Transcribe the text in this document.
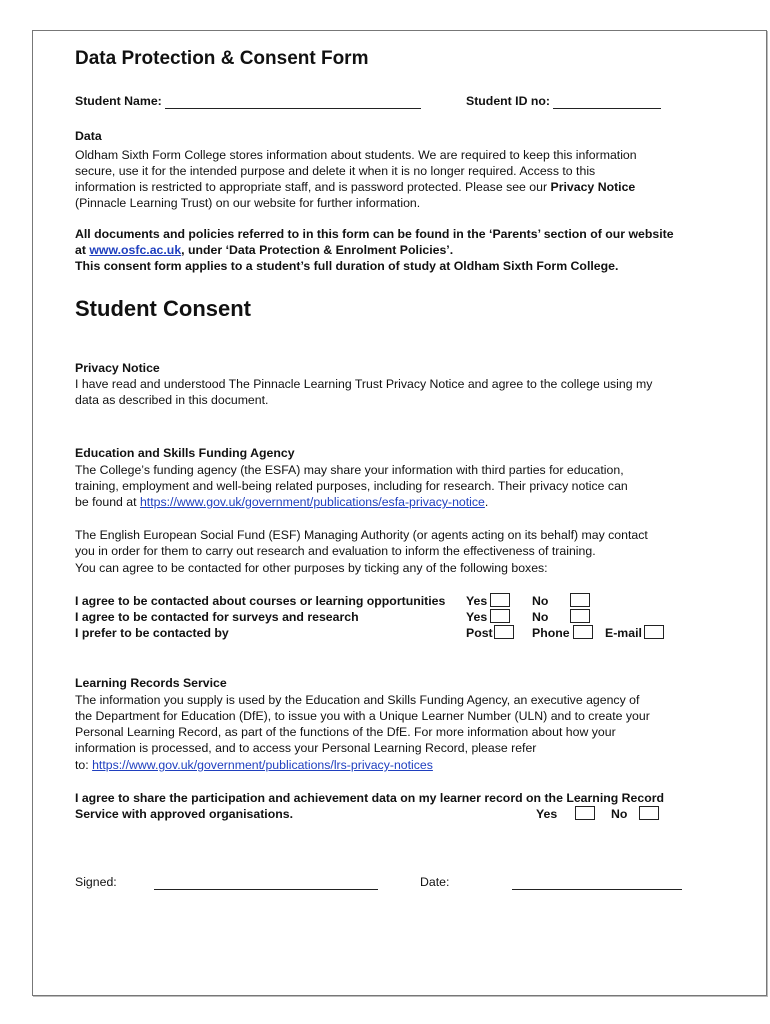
Data Protection & Consent Form
Student Name:	Student ID no:
Data
Oldham Sixth Form College stores information about students. We are required to keep this information
secure, use it for the intended purpose and delete it when it is no longer required. Access to this
information is restricted to appropriate staff, and is password protected. Please see our Privacy Notice
(Pinnacle Learning Trust) on our website for further information.
All documents and policies referred to in this form can be found in the ‘Parents’ section of our website
at www.osfc.ac.uk, under ‘Data Protection & Enrolment Policies’.
This consent form applies to a student’s full duration of study at Oldham Sixth Form College.
Student Consent
Privacy Notice
I have read and understood The Pinnacle Learning Trust Privacy Notice and agree to the college using my
data as described in this document.
Education and Skills Funding Agency
The College’s funding agency (the ESFA) may share your information with third parties for education,
training, employment and well-being related purposes, including for research. Their privacy notice can
be found at https://www.gov.uk/government/publications/esfa-privacy-notice.
The English European Social Fund (ESF) Managing Authority (or agents acting on its behalf) may contact
you in order for them to carry out research and evaluation to inform the effectiveness of training.
You can agree to be contacted for other purposes by ticking any of the following boxes:
I agree to be contacted about courses or learning opportunities Yes	No
I agree to be contacted for surveys and research	Yes	No
I prefer to be contacted by	Post	Phone	E-mail
Learning Records Service
The information you supply is used by the Education and Skills Funding Agency, an executive agency of
the Department for Education (DfE), to issue you with a Unique Learner Number (ULN) and to create your
Personal Learning Record, as part of the functions of the DfE. For more information about how your
information is processed, and to access your Personal Learning Record, please refer
to: https://www.gov.uk/government/publications/lrs-privacy-notices
I agree to share the participation and achievement data on my learner record on the Learning Record
Service with approved organisations.	Yes	No
Signed:	Date:
